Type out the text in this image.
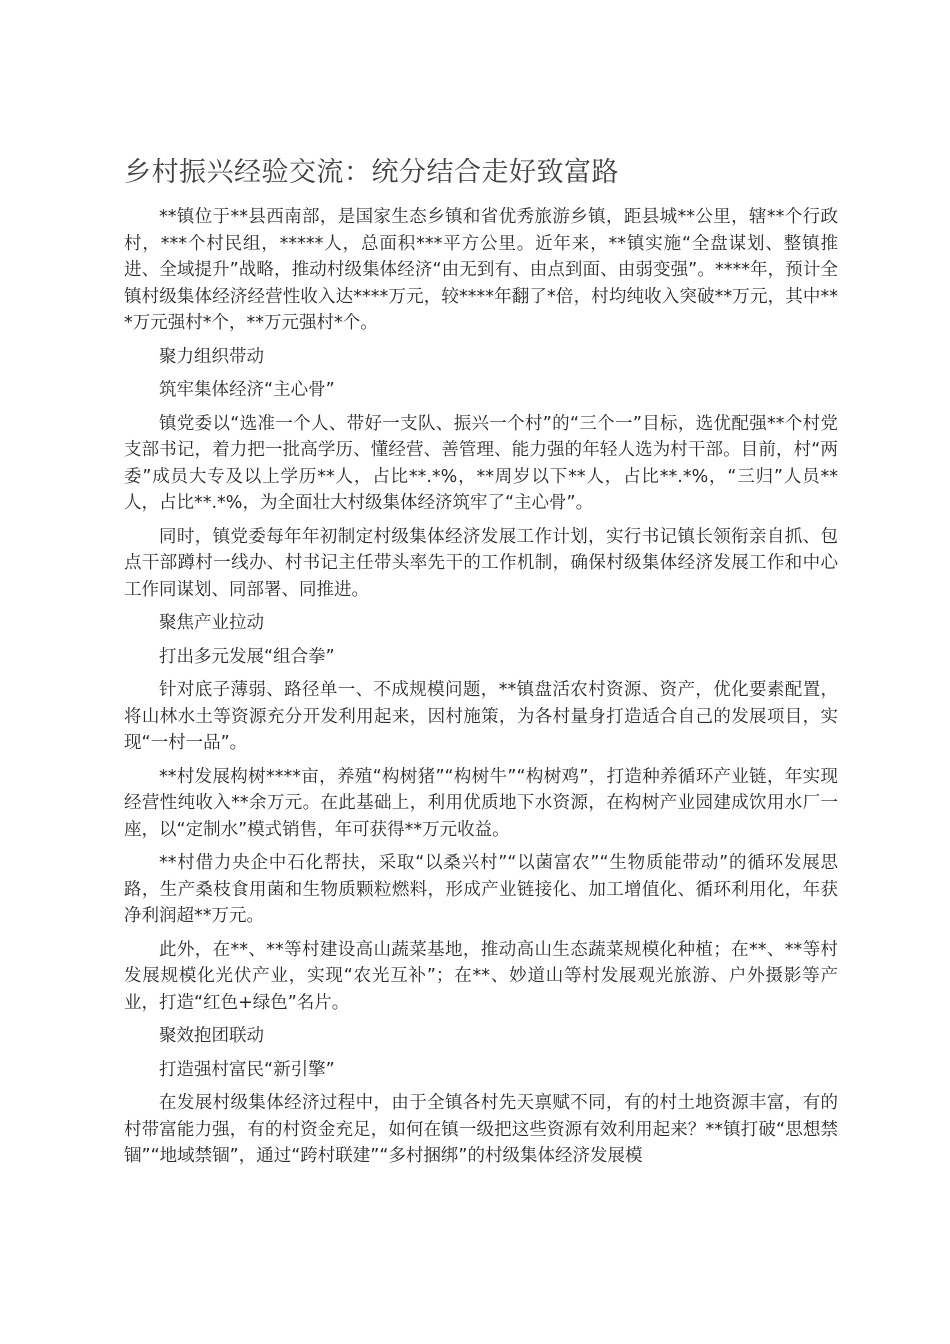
乡村振兴经验交流：统分结合走好致富路

**镇位于**县西南部，是国家生态乡镇和省优秀旅游乡镇，距县城**公里，辖**个行政村，***个村民组，*****人，总面积***平方公里。近年来，**镇实施“全盘谋划、整镇推进、全域提升”战略，推动村级集体经济“由无到有、由点到面、由弱变强”。****年，预计全镇村级集体经济经营性收入达****万元，较****年翻了*倍，村均纯收入突破**万元，其中***万元强村*个，**万元强村*个。

聚力组织带动

筑牢集体经济“主心骨”

镇党委以“选准一个人、带好一支队、振兴一个村”的“三个一”目标，选优配强**个村党支部书记，着力把一批高学历、懂经营、善管理、能力强的年轻人选为村干部。目前，村“两委”成员大专及以上学历**人，占比**.*%，**周岁以下**人，占比**.*%，“三归”人员**人，占比**.*%，为全面壮大村级集体经济筑牢了“主心骨”。

同时，镇党委每年年初制定村级集体经济发展工作计划，实行书记镇长领衔亲自抓、包点干部蹲村一线办、村书记主任带头率先干的工作机制，确保村级集体经济发展工作和中心工作同谋划、同部署、同推进。

聚焦产业拉动

打出多元发展“组合拳”

针对底子薄弱、路径单一、不成规模问题，**镇盘活农村资源、资产，优化要素配置，将山林水土等资源充分开发利用起来，因村施策，为各村量身打造适合自己的发展项目，实现“一村一品”。

**村发展构树****亩，养殖“构树猪”“构树牛”“构树鸡”，打造种养循环产业链，年实现经营性纯收入**余万元。在此基础上，利用优质地下水资源，在构树产业园建成饮用水厂一座，以“定制水”模式销售，年可获得**万元收益。

**村借力央企中石化帮扶，采取“以桑兴村”“以菌富农”“生物质能带动”的循环发展思路，生产桑枝食用菌和生物质颗粒燃料，形成产业链接化、加工增值化、循环利用化，年获净利润超**万元。

此外，在**、**等村建设高山蔬菜基地，推动高山生态蔬菜规模化种植；在**、**等村发展规模化光伏产业，实现“农光互补”；在**、妙道山等村发展观光旅游、户外摄影等产业，打造“红色+绿色”名片。

聚效抱团联动

打造强村富民“新引擎”

在发展村级集体经济过程中，由于全镇各村先天禀赋不同，有的村土地资源丰富，有的村带富能力强，有的村资金充足，如何在镇一级把这些资源有效利用起来？**镇打破“思想禁锢”“地域禁锢”，通过“跨村联建”“多村捆绑”的村级集体经济发展模
